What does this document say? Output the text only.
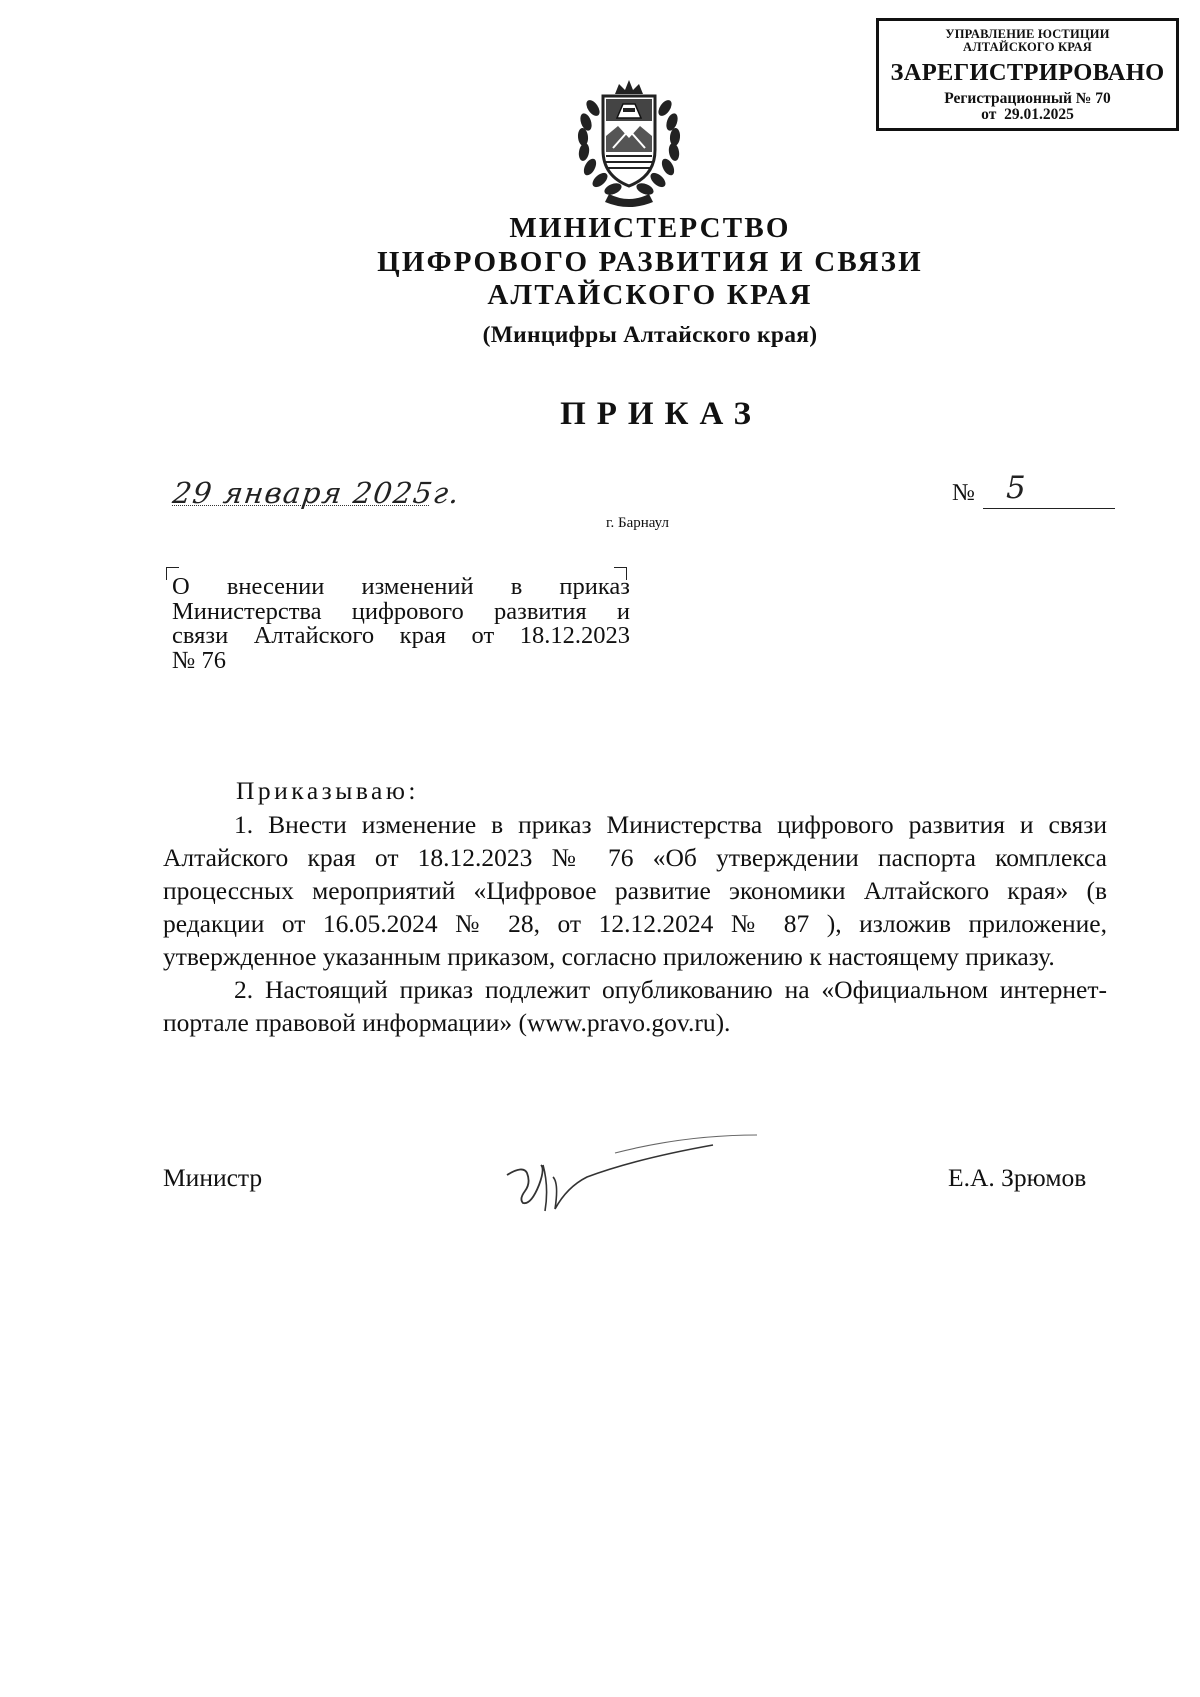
УПРАВЛЕНИЕ ЮСТИЦИИ
АЛТАЙСКОГО КРАЯ
ЗАРЕГИСТРИРОВАНО
Регистрационный № 70
от  29.01.2025
МИНИСТЕРСТВО
ЦИФРОВОГО РАЗВИТИЯ И СВЯЗИ
АЛТАЙСКОГО КРАЯ
(Минцифры Алтайского края)
ПРИКАЗ
29 января 2025г.	№ 5
г. Барнаул
О внесении изменений в приказ
Министерства цифрового развития и
связи Алтайского края от 18.12.2023
№ 76
Приказываю:

1. Внести изменение в приказ Министерства цифрового развития и связи Алтайского края от 18.12.2023 № 76 «Об утверждении паспорта комплекса процессных мероприятий «Цифровое развитие экономики Алтайского края» (в редакции от 16.05.2024 № 28, от 12.12.2024 № 87 ), изложив приложение, утвержденное указанным приказом, согласно приложению к настоящему приказу.

2. Настоящий приказ подлежит опубликованию на «Официальном интернет-портале правовой информации» (www.pravo.gov.ru).

Министр	Е.А. Зрюмов
